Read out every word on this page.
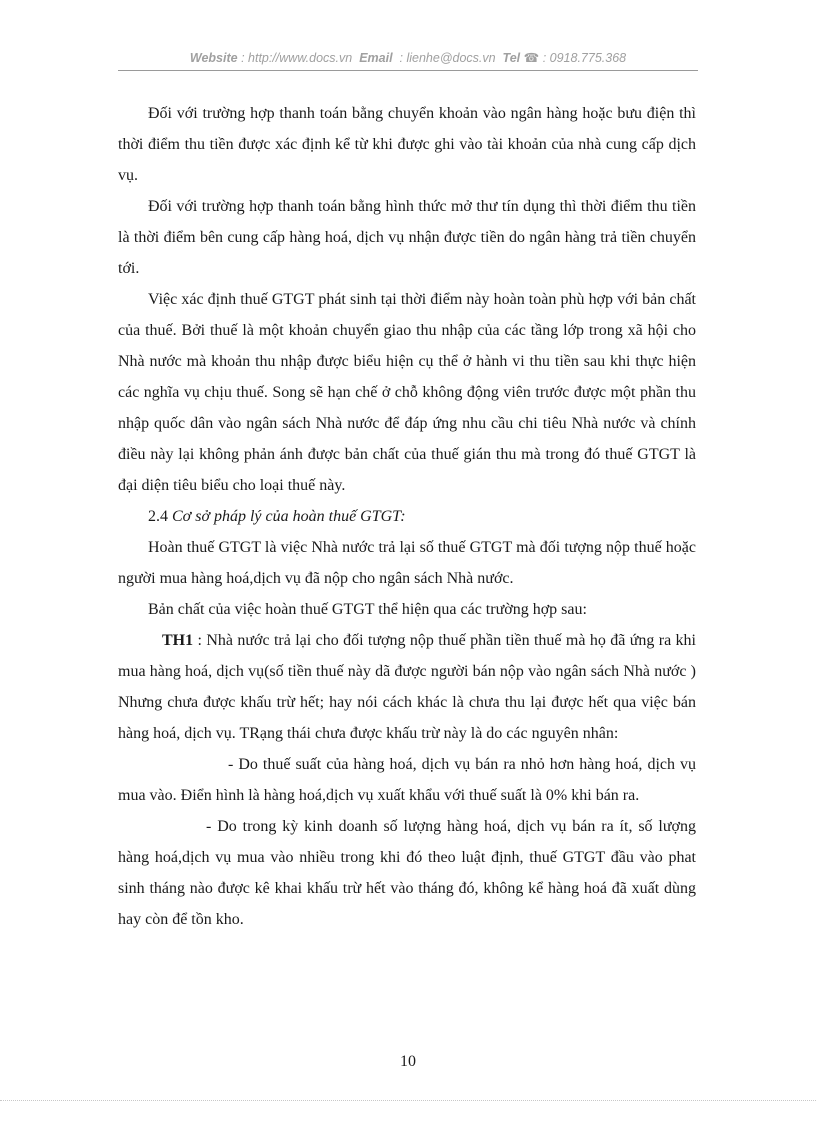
Website : http://www.docs.vn Email  : lienhe@docs.vn Tel ☎ : 0918.775.368

Đối với trường hợp thanh toán bằng chuyển khoản vào ngân hàng hoặc bưu điện thì thời điểm thu tiền được xác định kể từ khi được ghi vào tài khoản của nhà cung cấp dịch vụ.

Đối với trường hợp thanh toán bằng hình thức mở thư tín dụng thì thời điểm thu tiền là thời điểm bên cung cấp hàng hoá, dịch vụ nhận được tiền do ngân hàng trả tiền chuyển tới.

Việc xác định thuế GTGT phát sinh tại thời điểm này hoàn toàn phù hợp với bản chất của thuế. Bởi thuế là một khoản chuyển giao thu nhập của các tầng lớp trong xã hội cho Nhà nước mà khoản thu nhập được biểu hiện cụ thể ở hành vi thu tiền sau khi thực hiện các nghĩa vụ chịu thuế. Song sẽ hạn chế ở chỗ không động viên trước được một phần thu nhập quốc dân vào ngân sách Nhà nước để đáp ứng nhu cầu chi tiêu Nhà nước và chính điều này lại không phản ánh được bản chất của thuế gián thu mà trong đó thuế GTGT là đại diện tiêu biểu cho loại thuế này.

2.4 Cơ sở pháp lý của hoàn thuế GTGT:

Hoàn thuế GTGT là việc Nhà nước trả lại số thuế GTGT mà đối tượng nộp thuế hoặc người mua hàng hoá,dịch vụ đã nộp cho ngân sách Nhà nước.

Bản chất của việc hoàn thuế GTGT thể hiện qua các trường hợp sau:

TH1 : Nhà nước trả lại cho đối tượng nộp thuế phần tiền thuế mà họ đã ứng ra khi mua hàng hoá, dịch vụ(số tiền thuế này dã được người bán nộp vào ngân sách Nhà nước ) Nhưng chưa được khấu trừ hết; hay nói cách khác là chưa thu lại được hết qua việc bán hàng hoá, dịch vụ. TRạng thái chưa được khấu trừ này là do các nguyên nhân:

- Do thuế suất của hàng hoá, dịch vụ bán ra nhỏ hơn hàng hoá, dịch vụ mua vào. Điển hình là hàng hoá,dịch vụ xuất khẩu với thuế suất là 0% khi bán ra.

- Do trong kỳ kinh doanh số lượng hàng hoá, dịch vụ bán ra ít, số lượng hàng hoá,dịch vụ mua vào nhiều trong khi đó theo luật định, thuế GTGT đầu vào phat sinh tháng nào được kê khai khấu trừ hết vào tháng đó, không kể hàng hoá đã xuất dùng hay còn để tồn kho.

10
